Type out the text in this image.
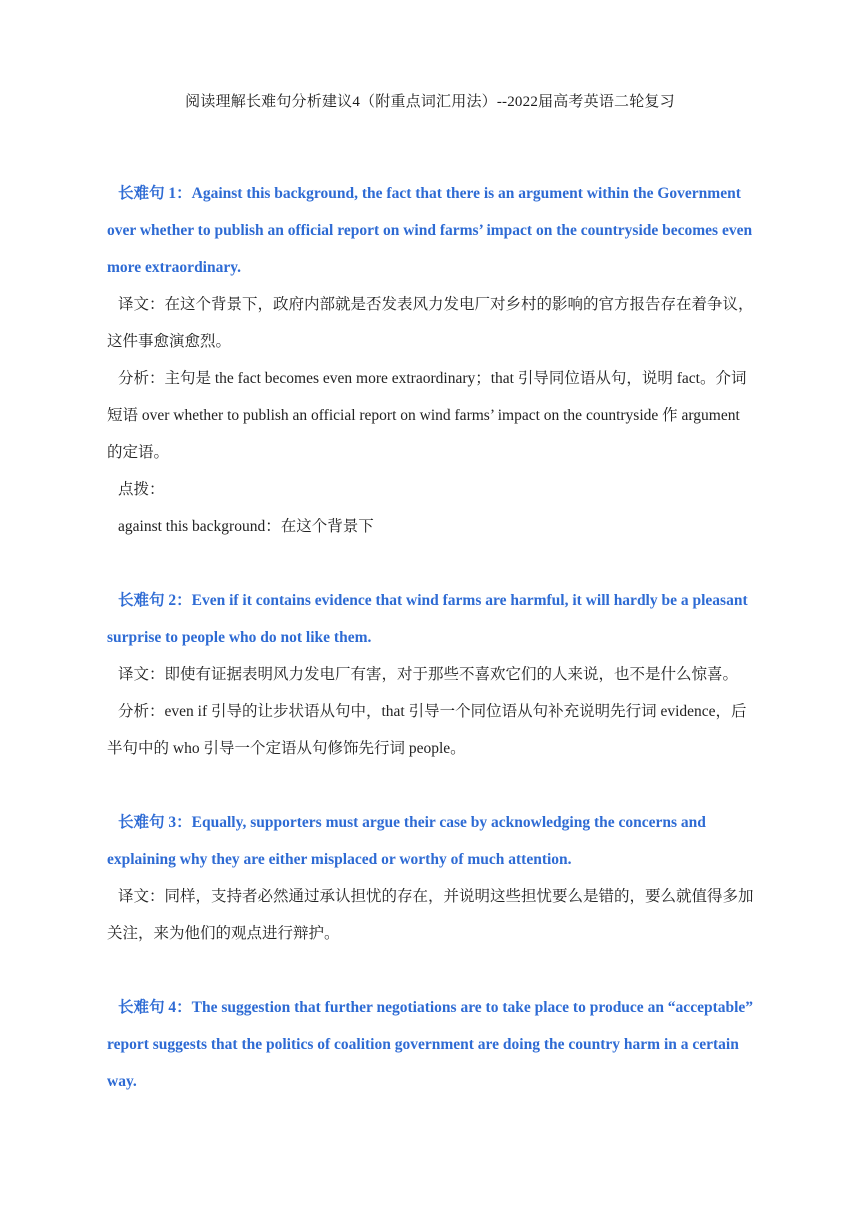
阅读理解长难句分析建议4（附重点词汇用法）--2022届高考英语二轮复习

长难句 1：Against this background, the fact that there is an argument within the Government over whether to publish an official report on wind farms’ impact on the countryside becomes even more extraordinary.

译文：在这个背景下，政府内部就是否发表风力发电厂对乡村的影响的官方报告存在着争议，这件事愈演愈烈。

分析：主句是 the fact becomes even more extraordinary；that 引导同位语从句，说明 fact。介词短语 over whether to publish an official report on wind farms’ impact on the countryside 作 argument 的定语。

点拨：

against this background：在这个背景下

长难句 2：Even if it contains evidence that wind farms are harmful, it will hardly be a pleasant surprise to people who do not like them.

译文：即使有证据表明风力发电厂有害，对于那些不喜欢它们的人来说，也不是什么惊喜。

分析：even if 引导的让步状语从句中，that 引导一个同位语从句补充说明先行词 evidence，后半句中的 who 引导一个定语从句修饰先行词 people。

长难句 3：Equally, supporters must argue their case by acknowledging the concerns and explaining why they are either misplaced or worthy of much attention.

译文：同样，支持者必然通过承认担忧的存在，并说明这些担忧要么是错的，要么就值得多加关注，来为他们的观点进行辩护。

长难句 4：The suggestion that further negotiations are to take place to produce an “acceptable” report suggests that the politics of coalition government are doing the country harm in a certain way.
